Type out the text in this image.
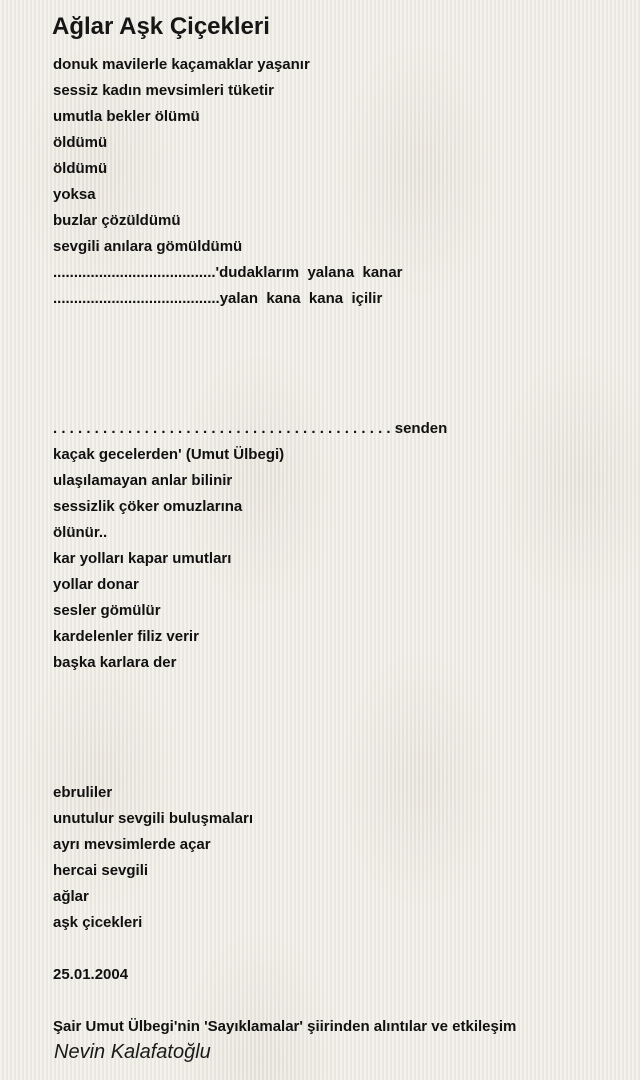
Ağlar Aşk Çiçekleri
donuk mavilerle kaçamaklar yaşanır
sessiz kadın mevsimleri tüketir
umutla bekler ölümü
öldümü
öldümü
yoksa
buzlar çözüldümü
sevgili anılara gömüldümü
.......................................'dudaklarım  yalana  kanar
........................................yalan  kana  kana  içilir
. . . . . . . . . . . . . . . . . . . . . . . . . . . . . . . . . . . . . . . . . senden
kaçak gecelerden' (Umut Ülbegi)
ulaşılamayan anlar bilinir
sessizlik çöker omuzlarına
ölünür..
kar yolları kapar umutları
yollar donar
sesler gömülür
kardelenler filiz verir
başka karlara der
ebruliler
unutulur sevgili buluşmaları
ayrı mevsimlerde açar
hercai sevgili
ağlar
aşk çicekleri
25.01.2004
Şair Umut Ülbegi'nin 'Sayıklamalar' şiirinden alıntılar ve etkileşim
Nevin Kalafatoğlu
